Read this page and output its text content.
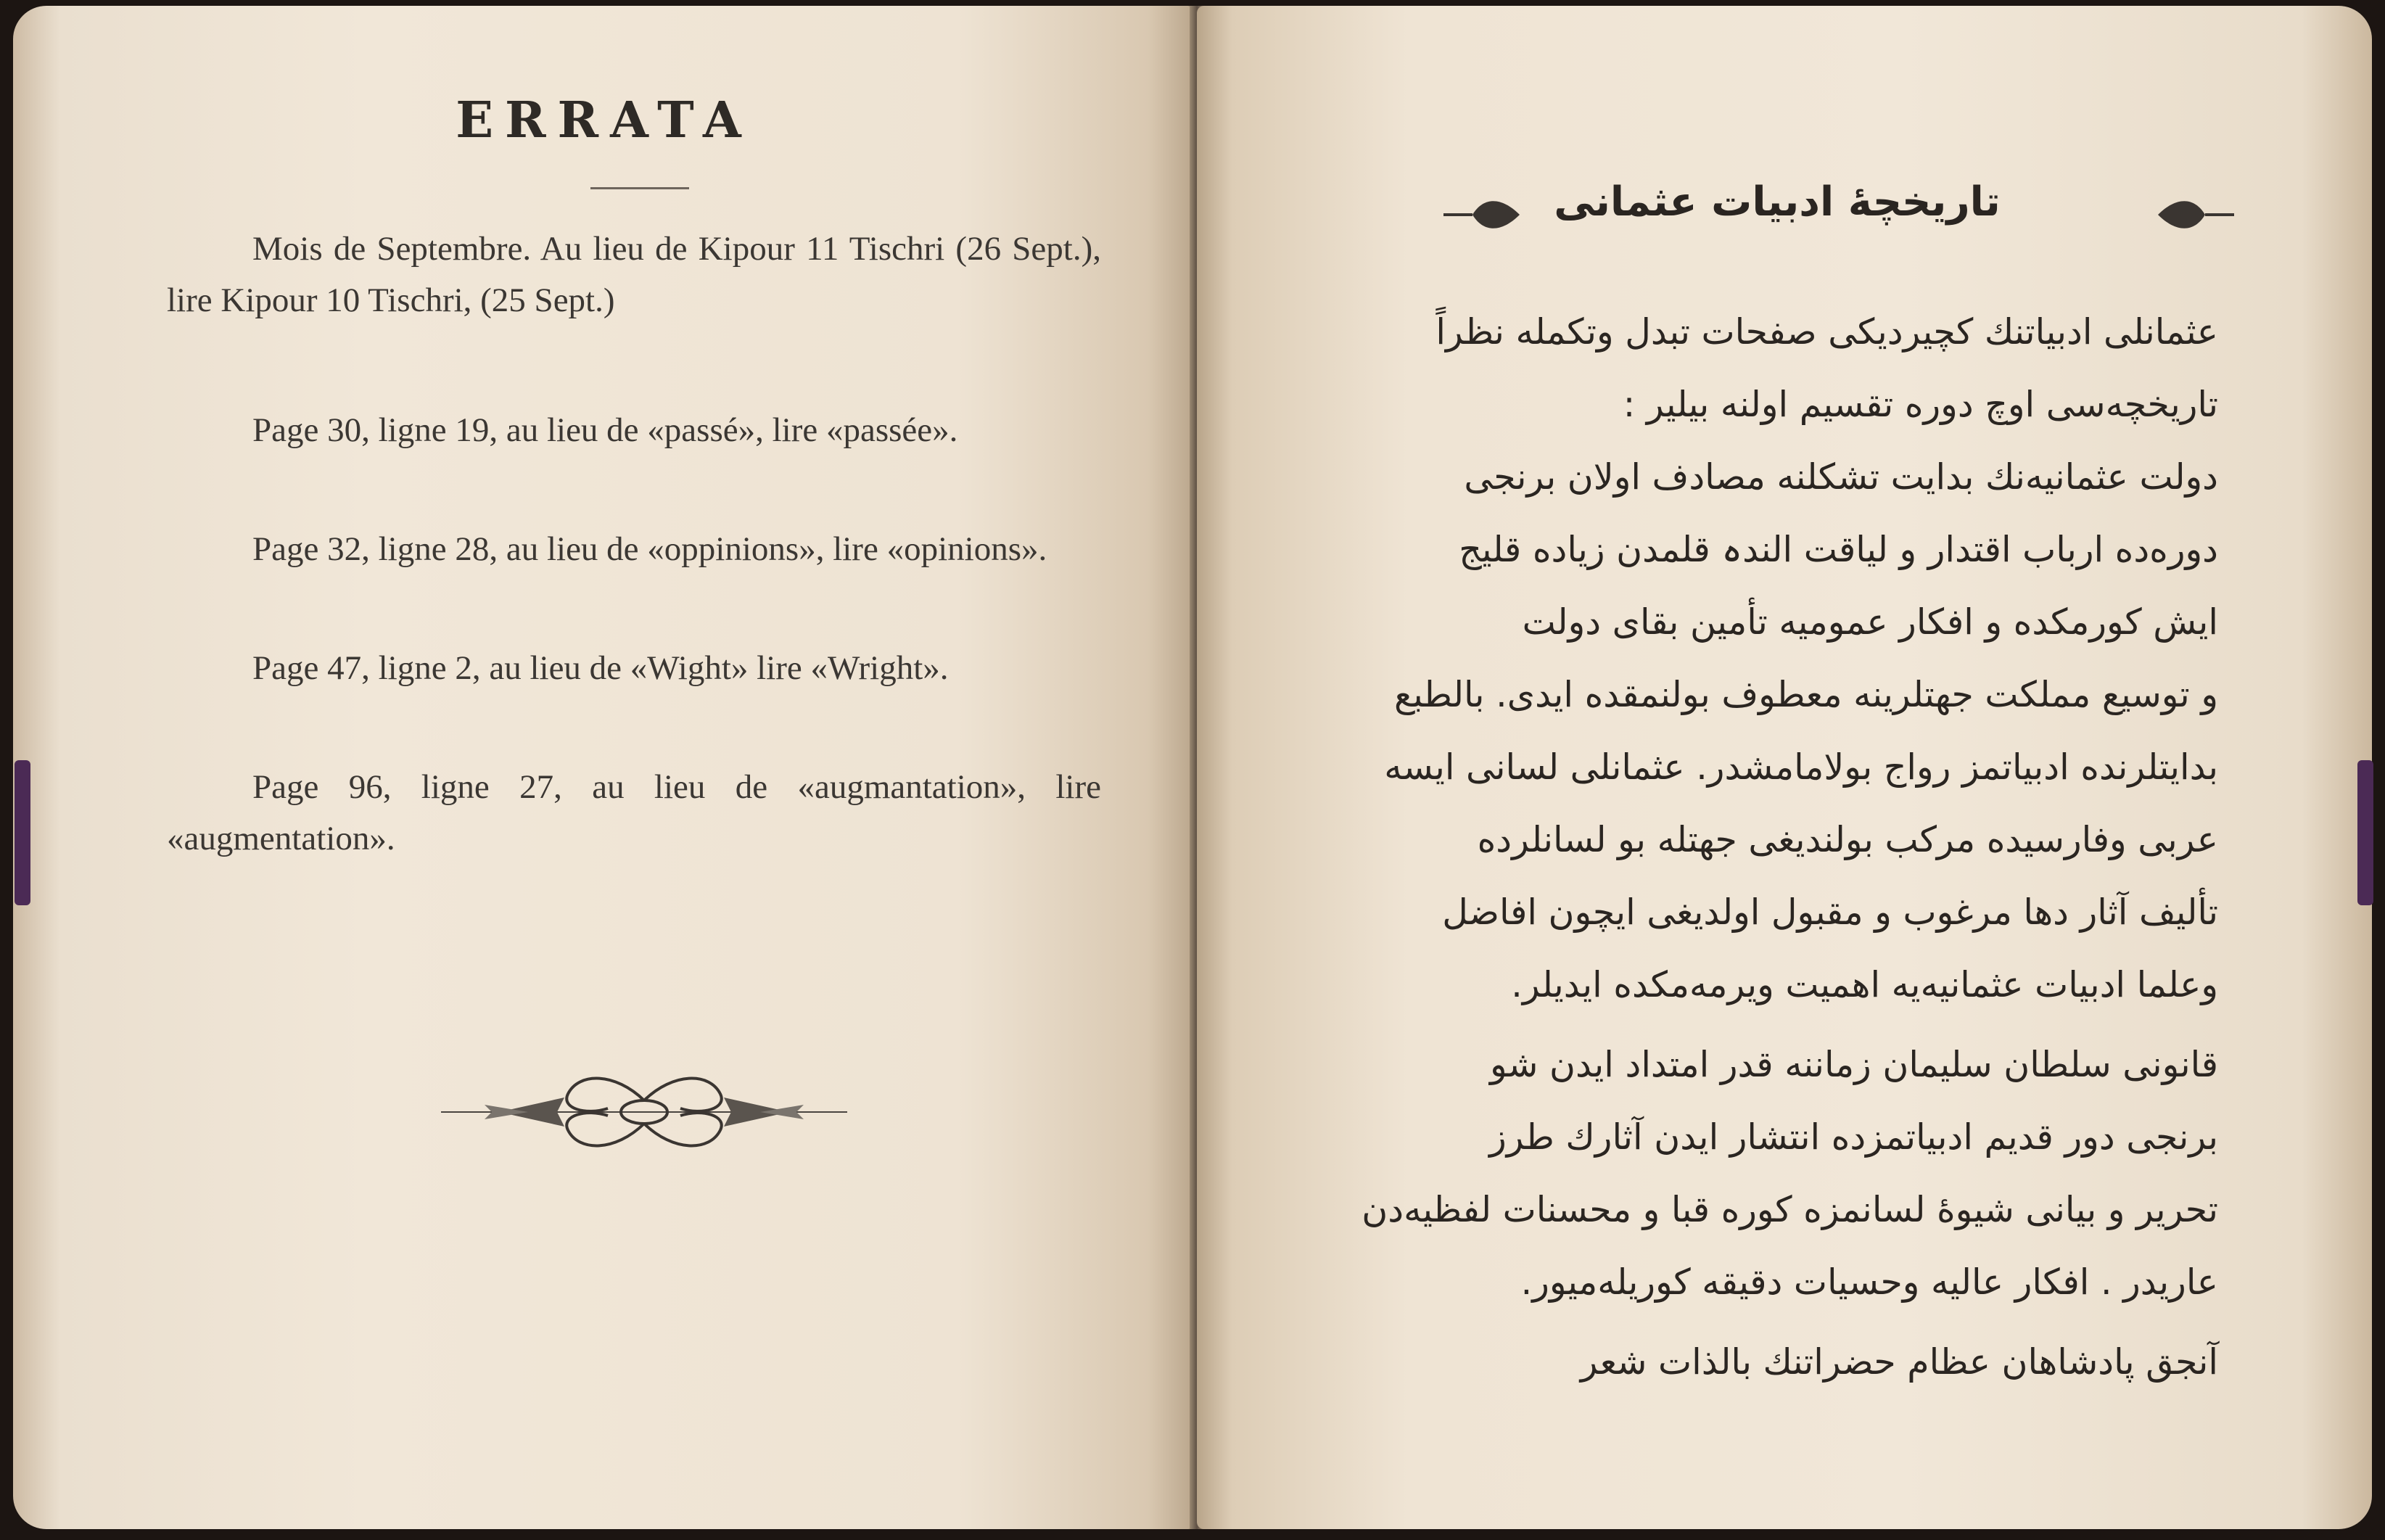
ERRATA

Mois de Septembre. Au lieu de Kipour 11 Tischri (26 Sept.), lire Kipour 10 Tischri, (25 Sept.)

Page 30, ligne 19, au lieu de «passé», lire «passée».

Page 32, ligne 28, au lieu de «oppinions», lire «opinions».

Page 47, ligne 2, au lieu de «Wight» lire «Wright».

Page 96, ligne 27, au lieu de «augmantation», lire «augmentation».

تاریخچهٔ ادبیات عثمانی

عثمانلی ادبیاتنك كچیردیكی صفحات تبدل وتكمله نظراً

تاریخچه‌سی اوچ دوره تقسیم اولنه بیلیر :

دولت عثمانیه‌نك بدایت تشكلنه مصادف اولان برنجی

دوره‌ده ارباب اقتدار و لیاقت الندہ قلمدن زیاده قلیج

ایش كورمكده و افكار عمومیه تأمین بقای دولت

و توسیع مملكت جهتلرینه معطوف بولنمقده ایدی. بالطبع

بدایتلرنده ادبیاتمز رواج بولامامشدر. عثمانلی لسانی ایسه

عربی وفارسیده مركب بولندیغی جهتله بو لسانلرده

تألیف آثار دها مرغوب و مقبول اولدیغی ایچون افاضل

وعلما ادبیات عثمانیه‌یه اهمیت ویرمه‌مكده ایدیلر.

قانونی سلطان سلیمان زماننه قدر امتداد ایدن شو

برنجی دور قدیم ادبیاتمزده انتشار ایدن آثارك طرز

تحریر و بیانی شیوهٔ لسانمزه كوره قبا و محسنات لفظیه‌دن

عاریدر . افكار عالیه وحسیات دقیقه كوریله‌میور.

آنجق پادشاهان عظام حضراتنك بالذات شعر
